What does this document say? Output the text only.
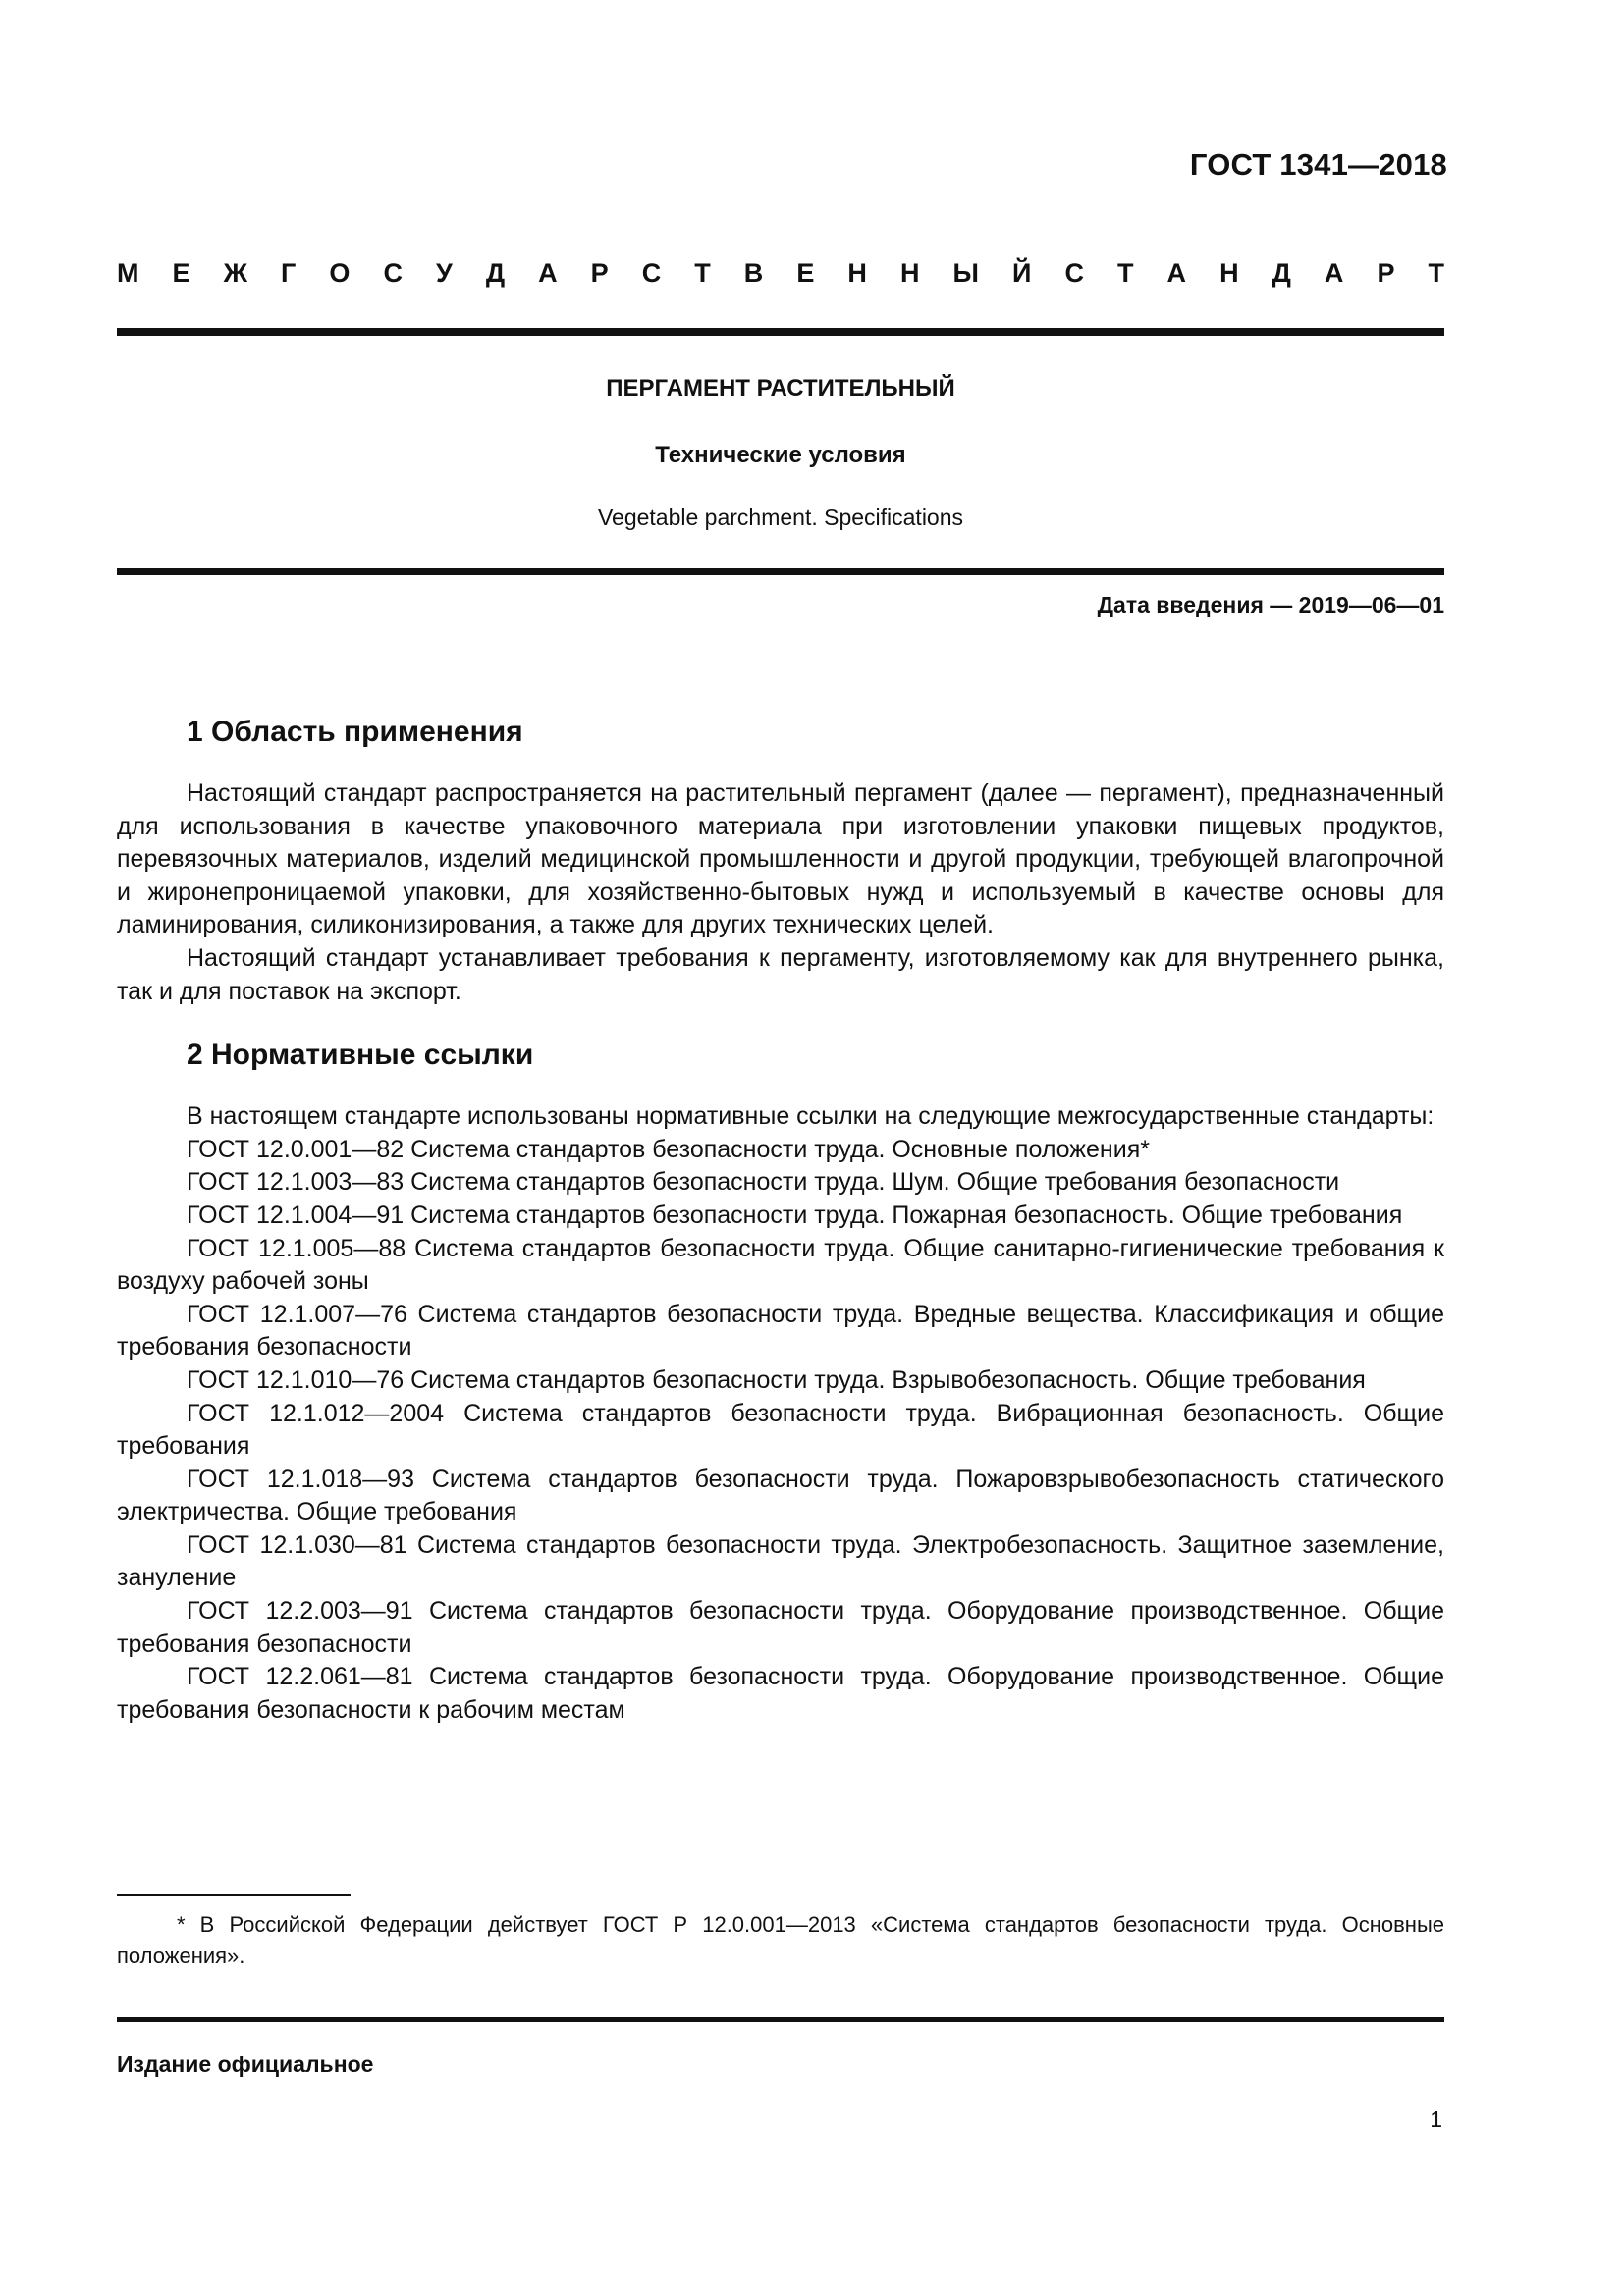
ГОСТ 1341—2018
М Е Ж Г О С У Д А Р С Т В Е Н Н Ы Й С Т А Н Д А Р Т
ПЕРГАМЕНТ РАСТИТЕЛЬНЫЙ
Технические условия
Vegetable parchment. Specifications
Дата введения — 2019—06—01
1 Область применения

Настоящий стандарт распространяется на растительный пергамент (далее — пергамент), предназначенный для использования в качестве упаковочного материала при изготовлении упаковки пищевых продуктов, перевязочных материалов, изделий медицинской промышленности и другой продукции, требующей влагопрочной и жиронепроницаемой упаковки, для хозяйственно-бытовых нужд и используемый в качестве основы для ламинирования, силиконизирования, а также для других технических целей.

Настоящий стандарт устанавливает требования к пергаменту, изготовляемому как для внутреннего рынка, так и для поставок на экспорт.

2 Нормативные ссылки

В настоящем стандарте использованы нормативные ссылки на следующие межгосударственные стандарты:

ГОСТ 12.0.001—82 Система стандартов безопасности труда. Основные положения*

ГОСТ 12.1.003—83 Система стандартов безопасности труда. Шум. Общие требования безопасности

ГОСТ 12.1.004—91 Система стандартов безопасности труда. Пожарная безопасность. Общие требования

ГОСТ 12.1.005—88 Система стандартов безопасности труда. Общие санитарно-гигиенические требования к воздуху рабочей зоны

ГОСТ 12.1.007—76 Система стандартов безопасности труда. Вредные вещества. Классификация и общие требования безопасности

ГОСТ 12.1.010—76 Система стандартов безопасности труда. Взрывобезопасность. Общие требования

ГОСТ 12.1.012—2004 Система стандартов безопасности труда. Вибрационная безопасность. Общие требования

ГОСТ 12.1.018—93 Система стандартов безопасности труда. Пожаровзрывобезопасность статического электричества. Общие требования

ГОСТ 12.1.030—81 Система стандартов безопасности труда. Электробезопасность. Защитное заземление, зануление

ГОСТ 12.2.003—91 Система стандартов безопасности труда. Оборудование производственное. Общие требования безопасности

ГОСТ 12.2.061—81 Система стандартов безопасности труда. Оборудование производственное. Общие требования безопасности к рабочим местам

* В Российской Федерации действует ГОСТ Р 12.0.001—2013 «Система стандартов безопасности труда. Основные положения».

Издание официальное
1
